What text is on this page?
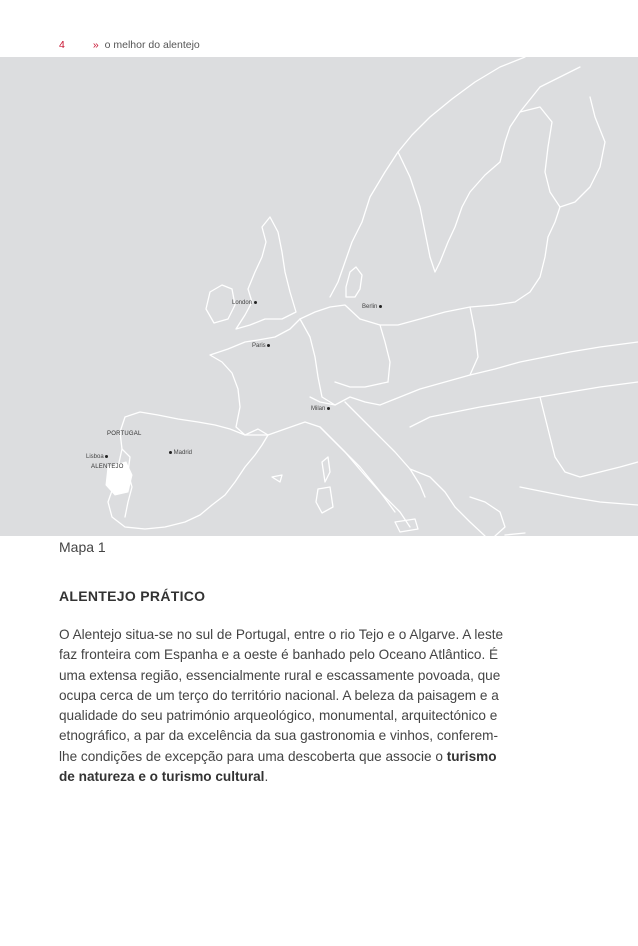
4	» o melhor do alentejo
London
Berlin
Paris
Milan
Madrid
Lisboa
PORTUGAL
ALENTEJO
Mapa 1
ALENTEJO PRÁTICO
O Alentejo situa-se no sul de Portugal, entre o rio Tejo e o Algarve. A leste faz fronteira com Espanha e a oeste é banhado pelo Oceano Atlântico. É uma extensa região, essencialmente rural e escassamente povoada, que ocupa cerca de um terço do território nacional. A beleza da paisagem e a qualidade do seu património arqueológico, monumental, arquitectónico e etnográfico, a par da excelência da sua gastronomia e vinhos, conferem-lhe condições de excepção para uma descoberta que associe o turismo de natureza e o turismo cultural.
